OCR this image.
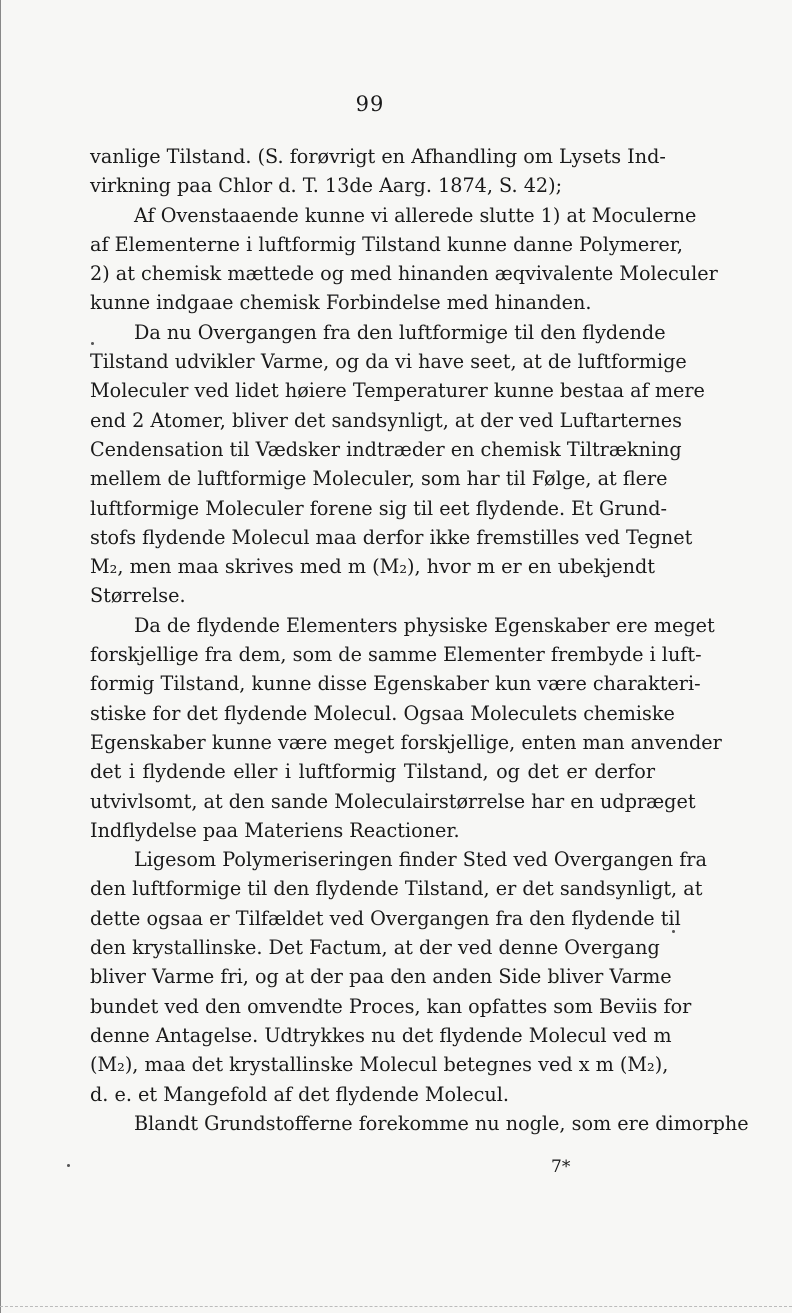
99
vanlige Tilstand. (S. forøvrigt en Afhandling om Lysets Ind-
virkning paa Chlor d. T. 13de Aarg. 1874, S. 42);
Af Ovenstaaende kunne vi allerede slutte 1) at Moculerne
af Elementerne i luftformig Tilstand kunne danne Polymerer,
2) at chemisk mættede og med hinanden æqvivalente Moleculer
kunne indgaae chemisk Forbindelse med hinanden.
Da nu Overgangen fra den luftformige til den flydende
Tilstand udvikler Varme, og da vi have seet, at de luftformige
Moleculer ved lidet høiere Temperaturer kunne bestaa af mere
end 2 Atomer, bliver det sandsynligt, at der ved Luftarternes
Cendensation til Vædsker indtræder en chemisk Tiltrækning
mellem de luftformige Moleculer, som har til Følge, at flere
luftformige Moleculer forene sig til eet flydende. Et Grund-
stofs flydende Molecul maa derfor ikke fremstilles ved Tegnet
M₂, men maa skrives med m (M₂), hvor m er en ubekjendt
Størrelse.
Da de flydende Elementers physiske Egenskaber ere meget
forskjellige fra dem, som de samme Elementer frembyde i luft-
formig Tilstand, kunne disse Egenskaber kun være charakteri-
stiske for det flydende Molecul. Ogsaa Moleculets chemiske
Egenskaber kunne være meget forskjellige, enten man anvender
det i flydende eller i luftformig Tilstand, og det er derfor
utvivlsomt, at den sande Moleculairstørrelse har en udpræget
Indflydelse paa Materiens Reactioner.
Ligesom Polymeriseringen finder Sted ved Overgangen fra
den luftformige til den flydende Tilstand, er det sandsynligt, at
dette ogsaa er Tilfældet ved Overgangen fra den flydende til
den krystallinske. Det Factum, at der ved denne Overgang
bliver Varme fri, og at der paa den anden Side bliver Varme
bundet ved den omvendte Proces, kan opfattes som Beviis for
denne Antagelse. Udtrykkes nu det flydende Molecul ved m
(M₂), maa det krystallinske Molecul betegnes ved x m (M₂),
d. e. et Mangefold af det flydende Molecul.
Blandt Grundstofferne forekomme nu nogle, som ere dimorphe
7*
